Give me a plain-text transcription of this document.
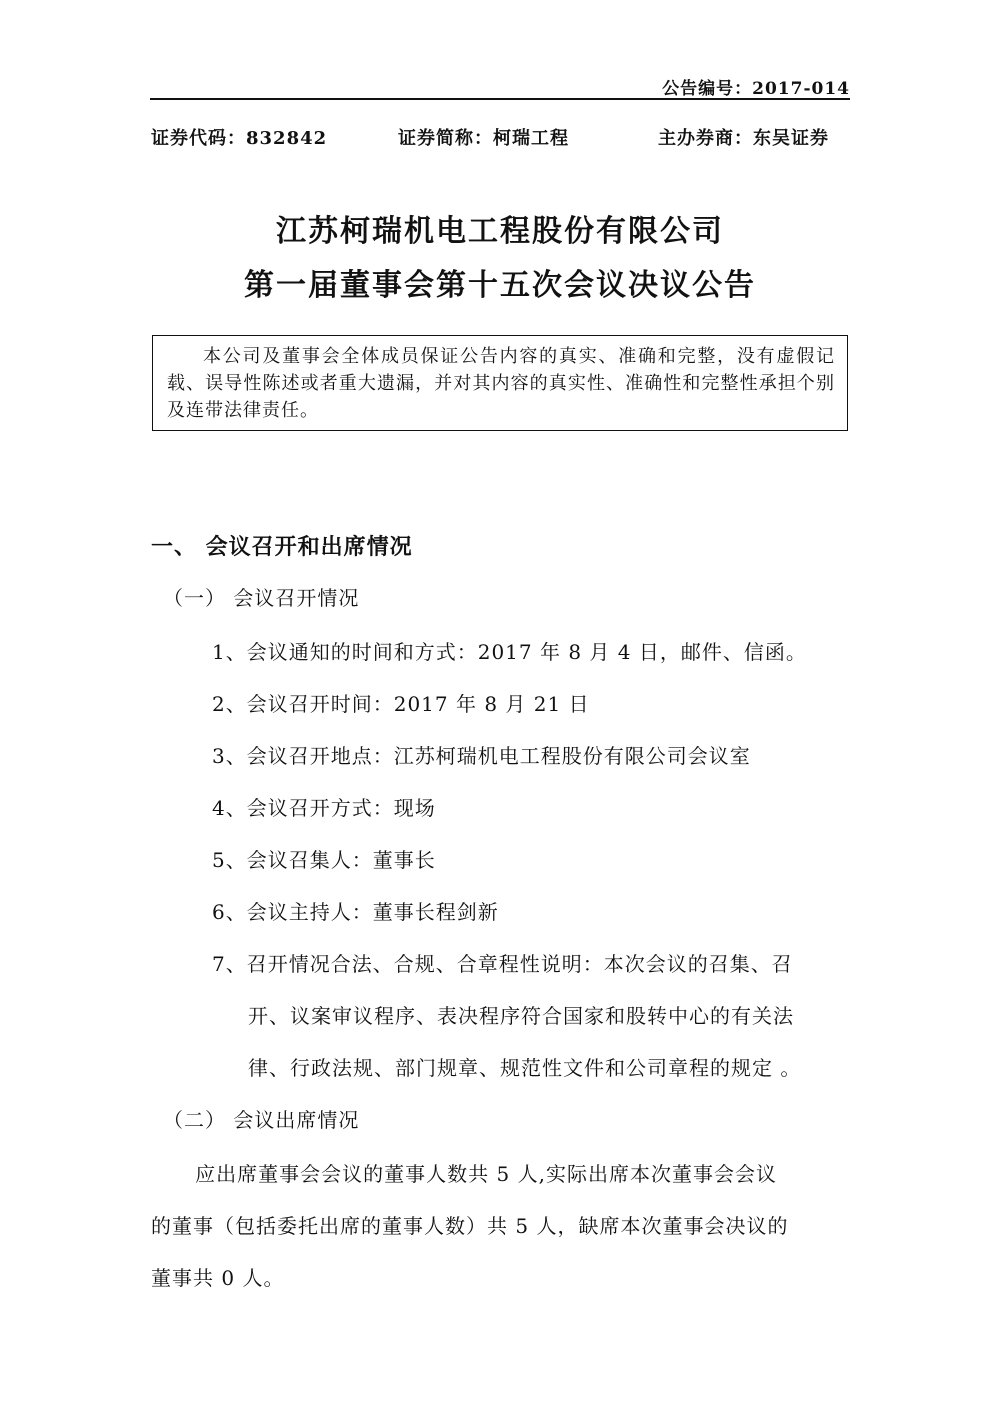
公告编号：2017-014
证券代码：832842	证券简称：柯瑞工程	主办券商：东吴证券
江苏柯瑞机电工程股份有限公司
第一届董事会第十五次会议决议公告
本公司及董事会全体成员保证公告内容的真实、准确和完整，没有虚假记载、误导性陈述或者重大遗漏，并对其内容的真实性、准确性和完整性承担个别及连带法律责任。
一、 会议召开和出席情况
（一） 会议召开情况
1、会议通知的时间和方式：2017 年 8 月 4 日，邮件、信函。
2、会议召开时间：2017 年 8 月 21 日
3、会议召开地点：江苏柯瑞机电工程股份有限公司会议室
4、会议召开方式：现场
5、会议召集人：董事长
6、会议主持人：董事长程剑新
7、召开情况合法、合规、合章程性说明：本次会议的召集、召
开、议案审议程序、表决程序符合国家和股转中心的有关法
律、行政法规、部门规章、规范性文件和公司章程的规定 。
（二） 会议出席情况
应出席董事会会议的董事人数共 5 人,实际出席本次董事会会议
的董事（包括委托出席的董事人数）共 5 人，缺席本次董事会决议的
董事共 0 人。
